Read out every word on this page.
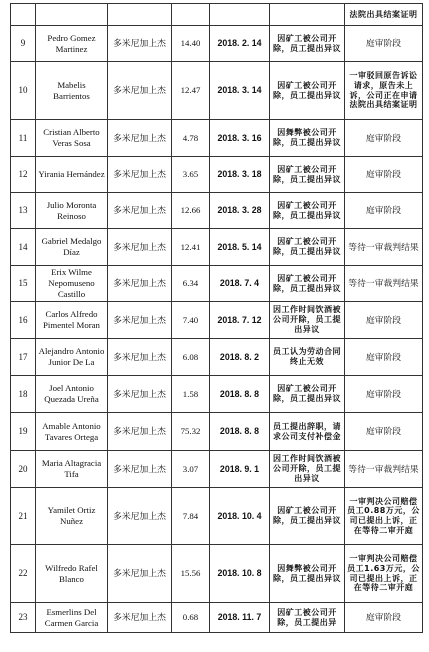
						法院出具结案证明
9	Pedro Gomez Martinez	多米尼加上杰	14.40	2018. 2. 14	因矿工被公司开除，员工提出异议	庭审阶段
10	Mabelis Barrientos	多米尼加上杰	12.47	2018. 3. 14	因矿工被公司开除，员工提出异议	一审驳回原告诉讼请求，原告未上诉，公司正在申请法院出具结案证明
11	Cristian Alberto Veras Sosa	多米尼加上杰	4.78	2018. 3. 16	因舞弊被公司开除，员工提出异议	庭审阶段
12	Yirania Hernández	多米尼加上杰	3.65	2018. 3. 18	因矿工被公司开除，员工提出异议	庭审阶段
13	Julio Moronta Reinoso	多米尼加上杰	12.66	2018. 3. 28	因矿工被公司开除，员工提出异议	庭审阶段
14	Gabriel Medalgo Díaz	多米尼加上杰	12.41	2018. 5. 14	因矿工被公司开除，员工提出异议	等待一审裁判结果
15	Erix Wilme Nepomuseno Castillo	多米尼加上杰	6.34	2018. 7. 4	因矿工被公司开除，员工提出异议	等待一审裁判结果
16	Carlos Alfredo Pimentel Moran	多米尼加上杰	7.40	2018. 7. 12	因工作时间饮酒被公司开除，员工提出异议	庭审阶段
17	Alejandro Antonio Junior De La	多米尼加上杰	6.08	2018. 8. 2	员工认为劳动合同终止无效	庭审阶段
18	Joel Antonio Quezada Ureña	多米尼加上杰	1.58	2018. 8. 8	因矿工被公司开除，员工提出异议	庭审阶段
19	Amable Antonio Tavares Ortega	多米尼加上杰	75.32	2018. 8. 8	员工提出辞职，请求公司支付补偿金	庭审阶段
20	Maria Altagracia Tifa	多米尼加上杰	3.07	2018. 9. 1	因工作时间饮酒被公司开除，员工提出异议	等待一审裁判结果
21	Yamilet Ortiz Nuñez	多米尼加上杰	7.84	2018. 10. 4	因矿工被公司开除，员工提出异议	一审判决公司赔偿员工0.88万元，公司已提出上诉，正在等待二审开庭
22	Wilfredo Rafel Blanco	多米尼加上杰	15.56	2018. 10. 8	因舞弊被公司开除，员工提出异议	一审判决公司赔偿员工1.63万元，公司已提出上诉，正在等待二审开庭
23	Esmerlins Del Carmen Garcia	多米尼加上杰	0.68	2018. 11. 7	因矿工被公司开除，员工提出异	庭审阶段
